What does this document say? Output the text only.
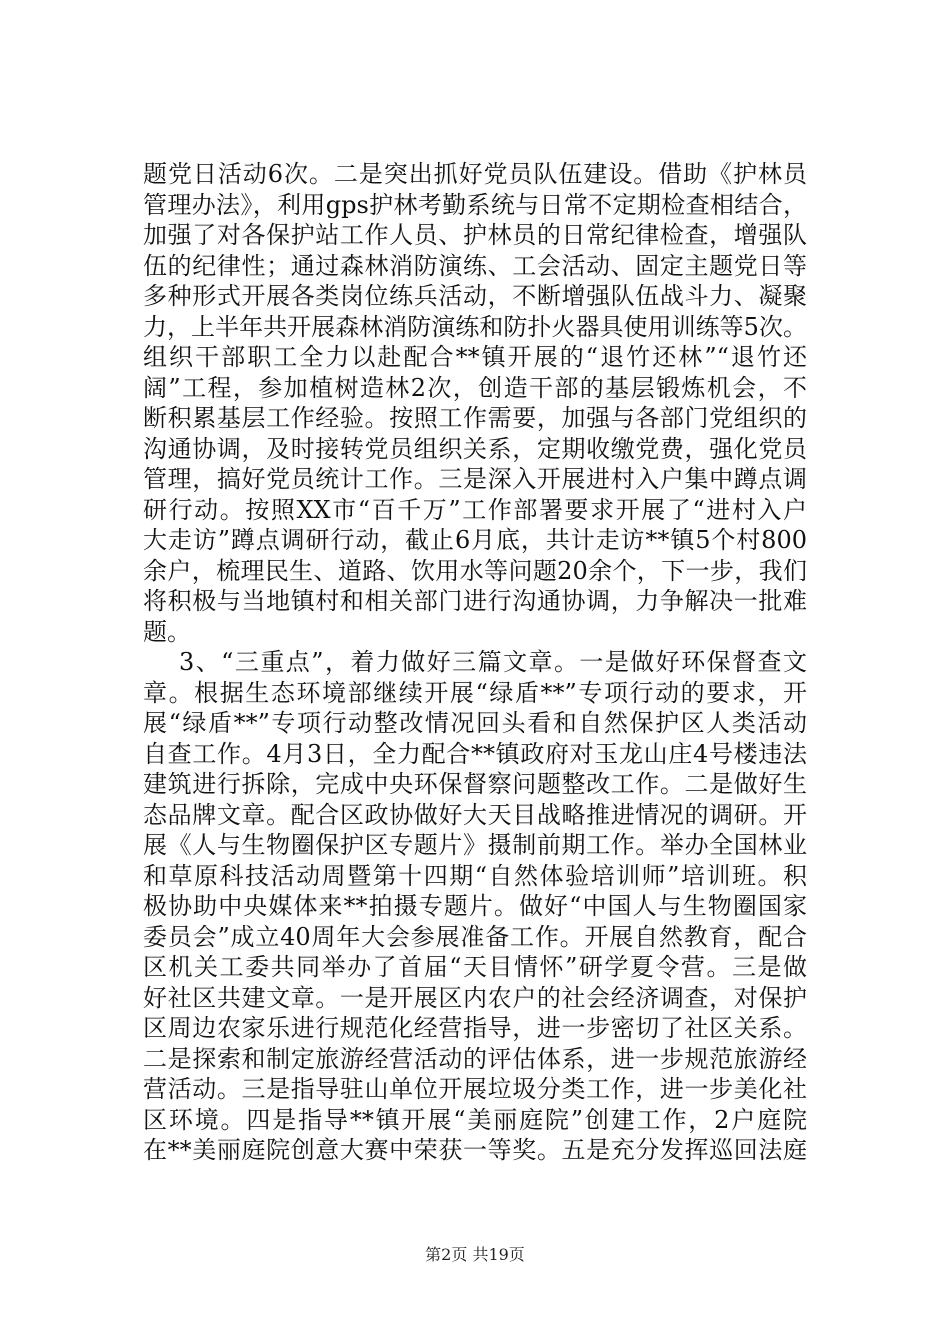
题党日活动6次。二是突出抓好党员队伍建设。借助《护林员
管理办法》，利用gps护林考勤系统与日常不定期检查相结合，
加强了对各保护站工作人员、护林员的日常纪律检查，增强队
伍的纪律性；通过森林消防演练、工会活动、固定主题党日等
多种形式开展各类岗位练兵活动，不断增强队伍战斗力、凝聚
力，上半年共开展森林消防演练和防扑火器具使用训练等5次。
组织干部职工全力以赴配合**镇开展的“退竹还林”“退竹还
阔”工程，参加植树造林2次，创造干部的基层锻炼机会，不
断积累基层工作经验。按照工作需要，加强与各部门党组织的
沟通协调，及时接转党员组织关系，定期收缴党费，强化党员
管理，搞好党员统计工作。三是深入开展进村入户集中蹲点调
研行动。按照XX市“百千万”工作部署要求开展了“进村入户
大走访”蹲点调研行动，截止6月底，共计走访**镇5个村800
余户，梳理民生、道路、饮用水等问题20余个，下一步，我们
将积极与当地镇村和相关部门进行沟通协调，力争解决一批难
题。
3、“三重点”，着力做好三篇文章。一是做好环保督查文
章。根据生态环境部继续开展“绿盾**”专项行动的要求，开
展“绿盾**”专项行动整改情况回头看和自然保护区人类活动
自查工作。4月3日，全力配合**镇政府对玉龙山庄4号楼违法
建筑进行拆除，完成中央环保督察问题整改工作。二是做好生
态品牌文章。配合区政协做好大天目战略推进情况的调研。开
展《人与生物圈保护区专题片》摄制前期工作。举办全国林业
和草原科技活动周暨第十四期“自然体验培训师”培训班。积
极协助中央媒体来**拍摄专题片。做好“中国人与生物圈国家
委员会”成立40周年大会参展准备工作。开展自然教育，配合
区机关工委共同举办了首届“天目情怀”研学夏令营。三是做
好社区共建文章。一是开展区内农户的社会经济调查，对保护
区周边农家乐进行规范化经营指导，进一步密切了社区关系。
二是探索和制定旅游经营活动的评估体系，进一步规范旅游经
营活动。三是指导驻山单位开展垃圾分类工作，进一步美化社
区环境。四是指导**镇开展“美丽庭院”创建工作，2户庭院
在**美丽庭院创意大赛中荣获一等奖。五是充分发挥巡回法庭
第2页 共19页
